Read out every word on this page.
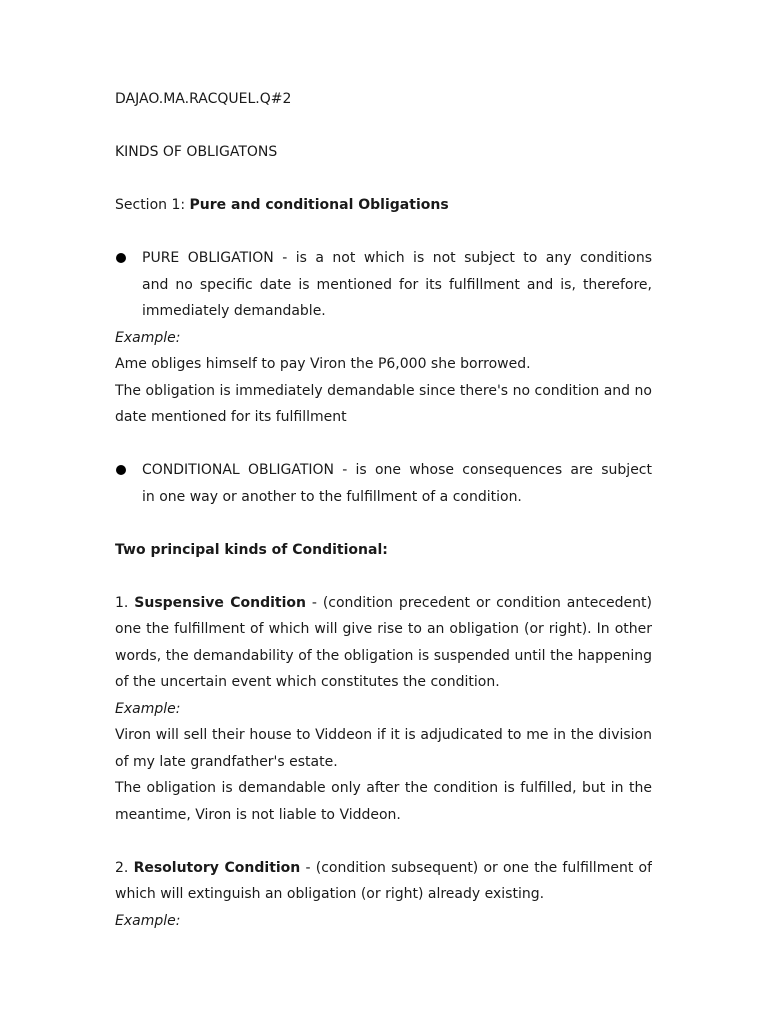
DAJAO.MA.RACQUEL.Q#2
KINDS OF OBLIGATONS
Section 1: Pure and conditional Obligations
PURE OBLIGATION - is a not which is not subject to any conditions
and no specific date is mentioned for its fulfillment and is, therefore,
immediately demandable.
Example:
Ame obliges himself to pay Viron the P6,000 she borrowed.
The obligation is immediately demandable since there's no condition and no
date mentioned for its fulfillment
CONDITIONAL OBLIGATION - is one whose consequences are subject
in one way or another to the fulfillment of a condition.
Two principal kinds of Conditional:
1. Suspensive Condition - (condition precedent or condition antecedent)
one the fulfillment of which will give rise to an obligation (or right). In other
words, the demandability of the obligation is suspended until the happening
of the uncertain event which constitutes the condition.
Example:
Viron will sell their house to Viddeon if it is adjudicated to me in the division
of my late grandfather's estate.
The obligation is demandable only after the condition is fulfilled, but in the
meantime, Viron is not liable to Viddeon.
2. Resolutory Condition - (condition subsequent) or one the fulfillment of
which will extinguish an obligation (or right) already existing.
Example:
